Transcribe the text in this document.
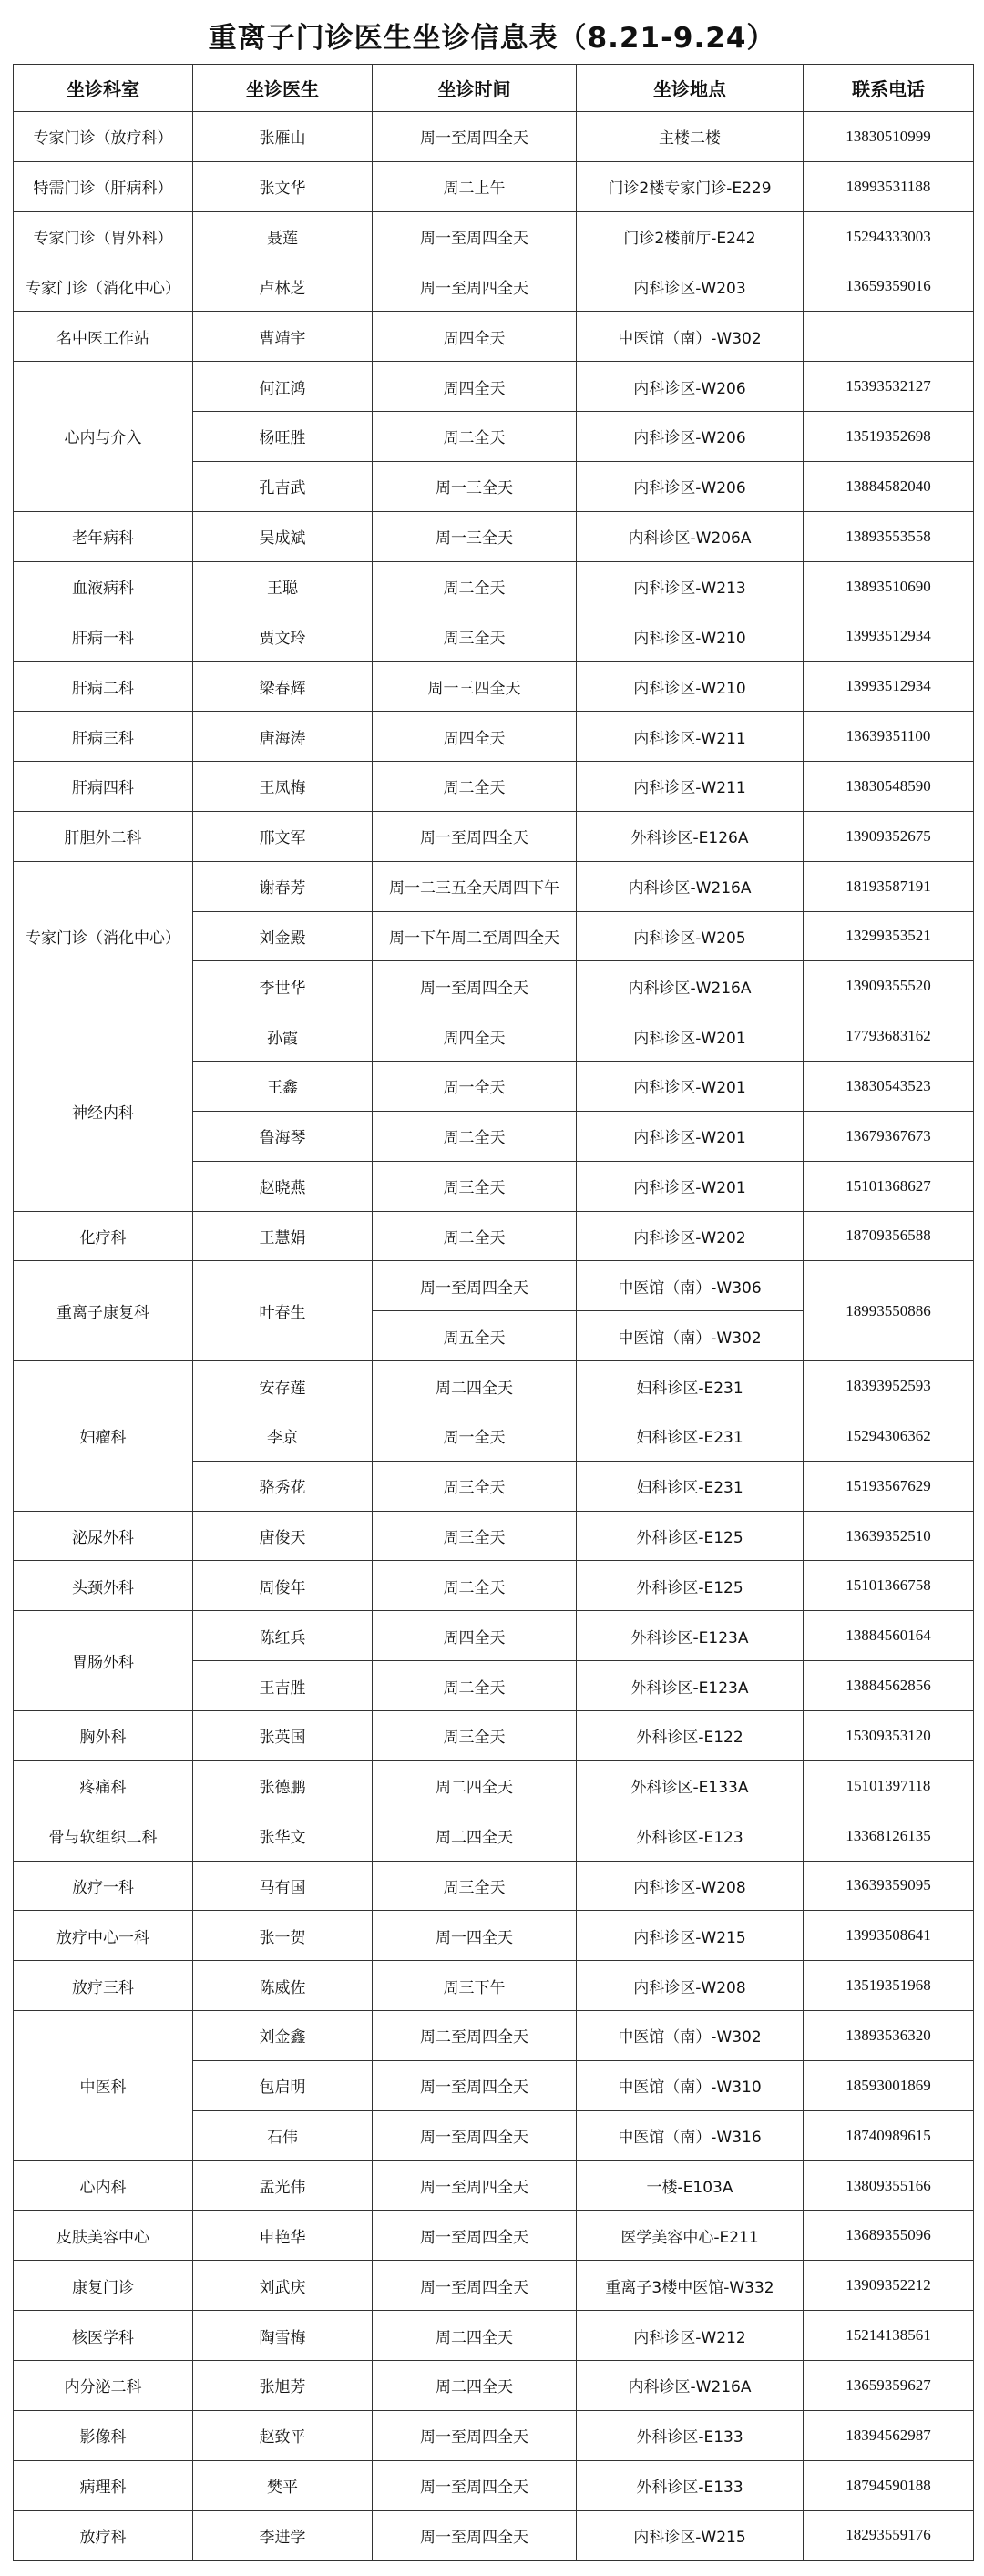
重离子门诊医生坐诊信息表（8.21-9.24）
坐诊科室	坐诊医生	坐诊时间	坐诊地点	联系电话
专家门诊（放疗科）	张雁山	周一至周四全天	主楼二楼	13830510999
特需门诊（肝病科）	张文华	周二上午	门诊2楼专家门诊-E229	18993531188
专家门诊（胃外科）	聂莲	周一至周四全天	门诊2楼前厅-E242	15294333003
专家门诊（消化中心）	卢林芝	周一至周四全天	内科诊区-W203	13659359016
名中医工作站	曹靖宇	周四全天	中医馆（南）-W302	
心内与介入	何江鸿	周四全天	内科诊区-W206	15393532127
	杨旺胜	周二全天	内科诊区-W206	13519352698
	孔吉武	周一三全天	内科诊区-W206	13884582040
老年病科	吴成斌	周一三全天	内科诊区-W206A	13893553558
血液病科	王聪	周二全天	内科诊区-W213	13893510690
肝病一科	贾文玲	周三全天	内科诊区-W210	13993512934
肝病二科	梁春辉	周一三四全天	内科诊区-W210	13993512934
肝病三科	唐海涛	周四全天	内科诊区-W211	13639351100
肝病四科	王凤梅	周二全天	内科诊区-W211	13830548590
肝胆外二科	邢文军	周一至周四全天	外科诊区-E126A	13909352675
专家门诊（消化中心）	谢春芳	周一二三五全天周四下午	内科诊区-W216A	18193587191
	刘金殿	周一下午周二至周四全天	内科诊区-W205	13299353521
	李世华	周一至周四全天	内科诊区-W216A	13909355520
神经内科	孙霞	周四全天	内科诊区-W201	17793683162
	王鑫	周一全天	内科诊区-W201	13830543523
	鲁海琴	周二全天	内科诊区-W201	13679367673
	赵晓燕	周三全天	内科诊区-W201	15101368627
化疗科	王慧娟	周二全天	内科诊区-W202	18709356588
重离子康复科	叶春生	周一至周四全天	中医馆（南）-W306	18993550886
		周五全天	中医馆（南）-W302	
妇瘤科	安存莲	周二四全天	妇科诊区-E231	18393952593
	李京	周一全天	妇科诊区-E231	15294306362
	骆秀花	周三全天	妇科诊区-E231	15193567629
泌尿外科	唐俊天	周三全天	外科诊区-E125	13639352510
头颈外科	周俊年	周二全天	外科诊区-E125	15101366758
胃肠外科	陈红兵	周四全天	外科诊区-E123A	13884560164
	王吉胜	周二全天	外科诊区-E123A	13884562856
胸外科	张英国	周三全天	外科诊区-E122	15309353120
疼痛科	张德鹏	周二四全天	外科诊区-E133A	15101397118
骨与软组织二科	张华文	周二四全天	外科诊区-E123	13368126135
放疗一科	马有国	周三全天	内科诊区-W208	13639359095
放疗中心一科	张一贺	周一四全天	内科诊区-W215	13993508641
放疗三科	陈威佐	周三下午	内科诊区-W208	13519351968
中医科	刘金鑫	周二至周四全天	中医馆（南）-W302	13893536320
	包启明	周一至周四全天	中医馆（南）-W310	18593001869
	石伟	周一至周四全天	中医馆（南）-W316	18740989615
心内科	孟光伟	周一至周四全天	一楼-E103A	13809355166
皮肤美容中心	申艳华	周一至周四全天	医学美容中心-E211	13689355096
康复门诊	刘武庆	周一至周四全天	重离子3楼中医馆-W332	13909352212
核医学科	陶雪梅	周二四全天	内科诊区-W212	15214138561
内分泌二科	张旭芳	周二四全天	内科诊区-W216A	13659359627
影像科	赵致平	周一至周四全天	外科诊区-E133	18394562987
病理科	樊平	周一至周四全天	外科诊区-E133	18794590188
放疗科	李进学	周一至周四全天	内科诊区-W215	18293559176
